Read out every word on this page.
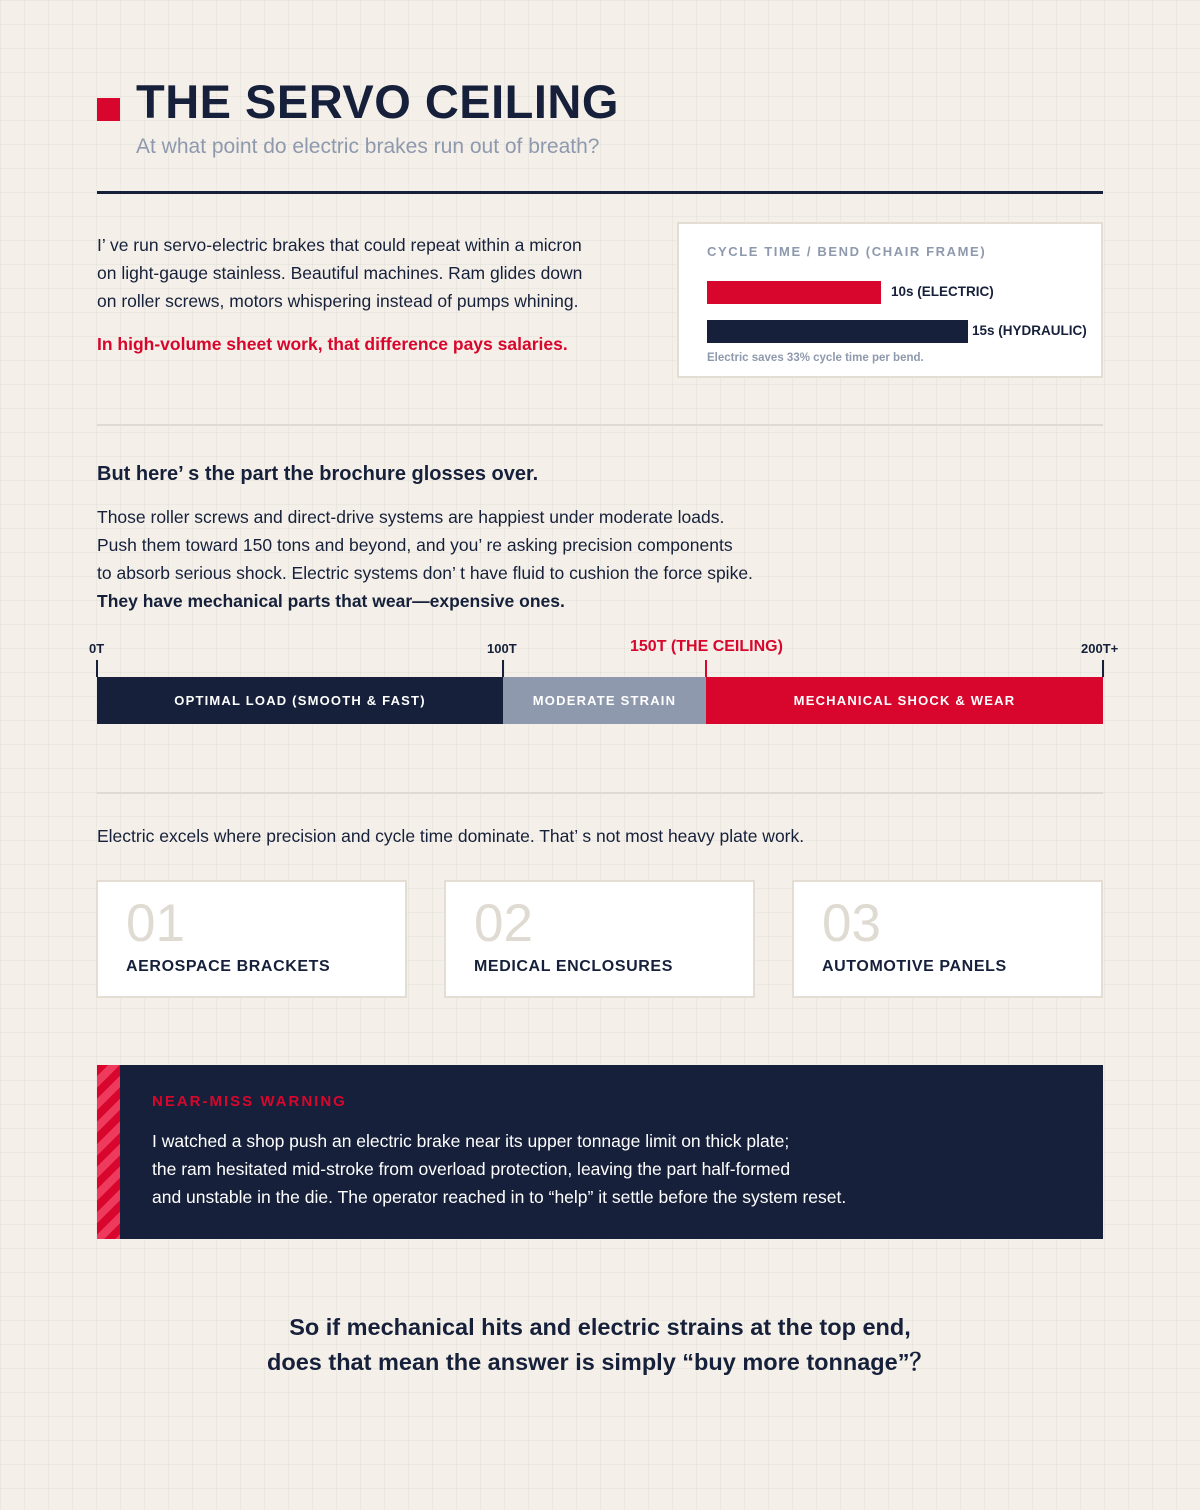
THE SERVO CEILING
At what point do electric brakes run out of breath?
I’ ve run servo-electric brakes that could repeat within a micron
on light-gauge stainless. Beautiful machines. Ram glides down
on roller screws, motors whispering instead of pumps whining.
In high-volume sheet work, that difference pays salaries.
CYCLE TIME / BEND (CHAIR FRAME)
10s (ELECTRIC)
15s (HYDRAULIC)
Electric saves 33% cycle time per bend.
But here’ s the part the brochure glosses over.
Those roller screws and direct-drive systems are happiest under moderate loads.
Push them toward 150 tons and beyond, and you’ re asking precision components
to absorb serious shock. Electric systems don’ t have fluid to cushion the force spike.
They have mechanical parts that wear—expensive ones.
0T	100T	150T (THE CEILING)	200T+
OPTIMAL LOAD (SMOOTH & FAST)	MODERATE STRAIN	MECHANICAL SHOCK & WEAR
Electric excels where precision and cycle time dominate. That’ s not most heavy plate work.
01
AEROSPACE BRACKETS
02
MEDICAL ENCLOSURES
03
AUTOMOTIVE PANELS
NEAR-MISS WARNING
I watched a shop push an electric brake near its upper tonnage limit on thick plate;
the ram hesitated mid-stroke from overload protection, leaving the part half-formed
and unstable in the die. The operator reached in to “help” it settle before the system reset.
So if mechanical hits and electric strains at the top end,
does that mean the answer is simply “buy more tonnage”？
